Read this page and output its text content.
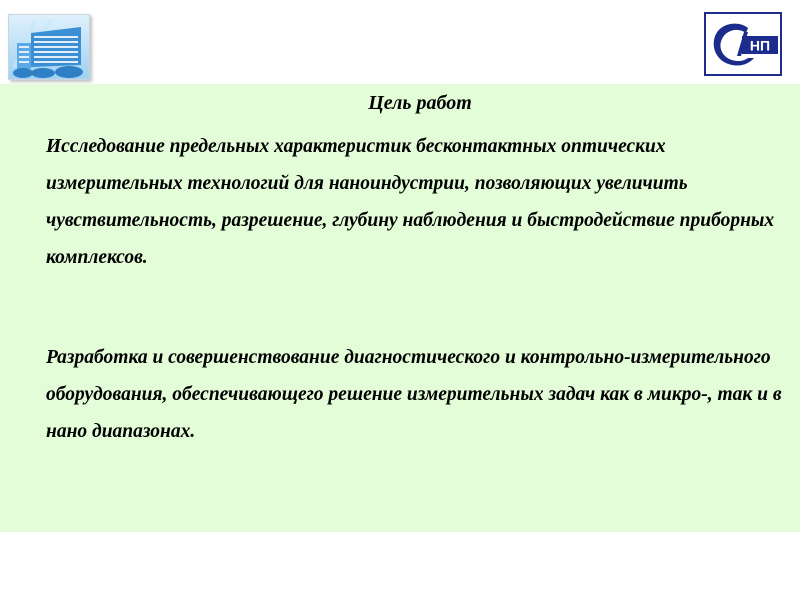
НП
Цель работ

Исследование предельных характеристик бесконтактных оптических измерительных технологий для наноиндустрии, позволяющих увеличить чувствительность, разрешение, глубину наблюдения и быстродействие приборных комплексов.

Разработка и совершенствование диагностического и контрольно-измерительного оборудования, обеспечивающего решение измерительных задач как в микро-, так и в нано диапазонах.
